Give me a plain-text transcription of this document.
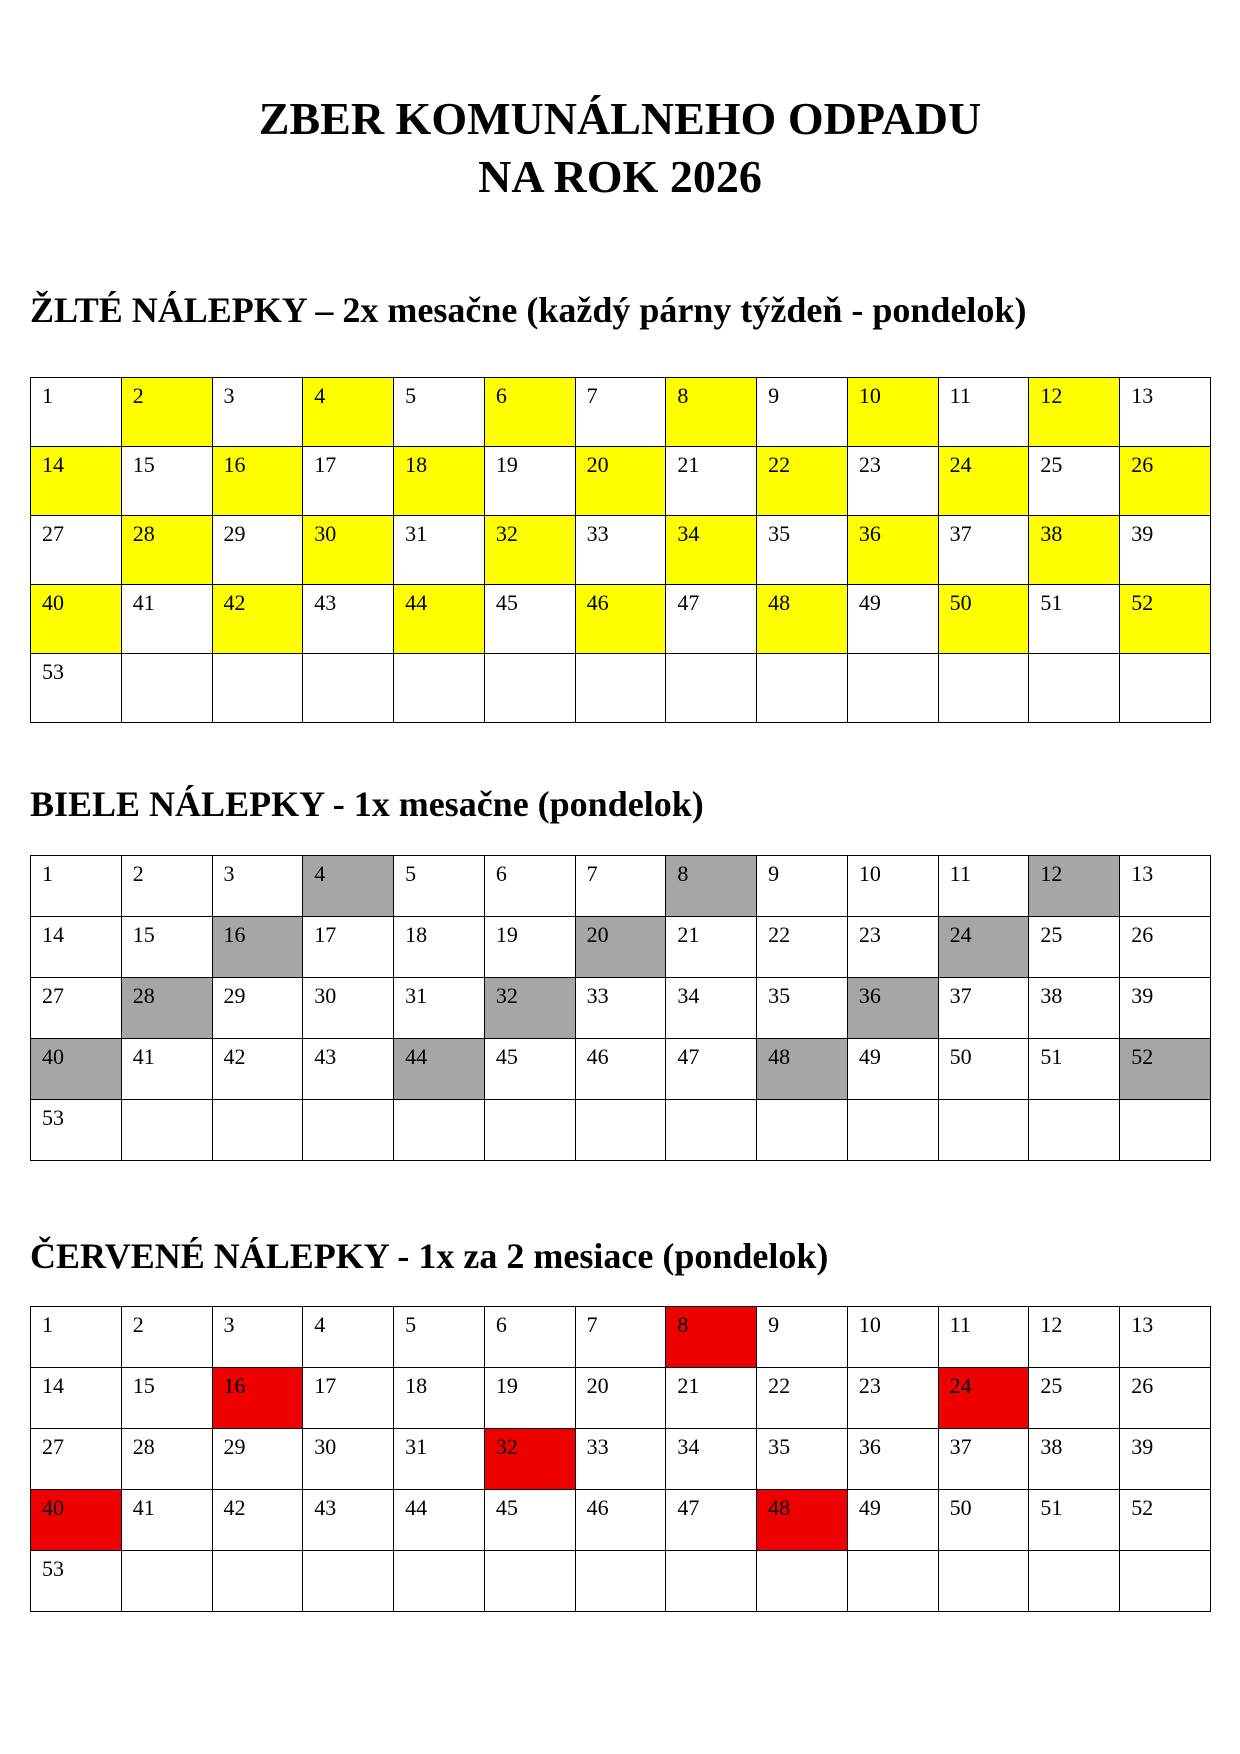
ZBER KOMUNÁLNEHO ODPADU
NA ROK 2026
ŽLTÉ NÁLEPKY – 2x mesačne (každý párny týždeň - pondelok)
1	2	3	4	5	6	7	8	9	10	11	12	13

14	15	16	17	18	19	20	21	22	23	24	25	26

27	28	29	30	31	32	33	34	35	36	37	38	39

40	41	42	43	44	45	46	47	48	49	50	51	52

53												

BIELE NÁLEPKY - 1x mesačne (pondelok)
1	2	3	4	5	6	7	8	9	10	11	12	13

14	15	16	17	18	19	20	21	22	23	24	25	26

27	28	29	30	31	32	33	34	35	36	37	38	39

40	41	42	43	44	45	46	47	48	49	50	51	52

53												

ČERVENÉ NÁLEPKY - 1x za 2 mesiace (pondelok)
1	2	3	4	5	6	7	8	9	10	11	12	13

14	15	16	17	18	19	20	21	22	23	24	25	26

27	28	29	30	31	32	33	34	35	36	37	38	39

40	41	42	43	44	45	46	47	48	49	50	51	52

53												
